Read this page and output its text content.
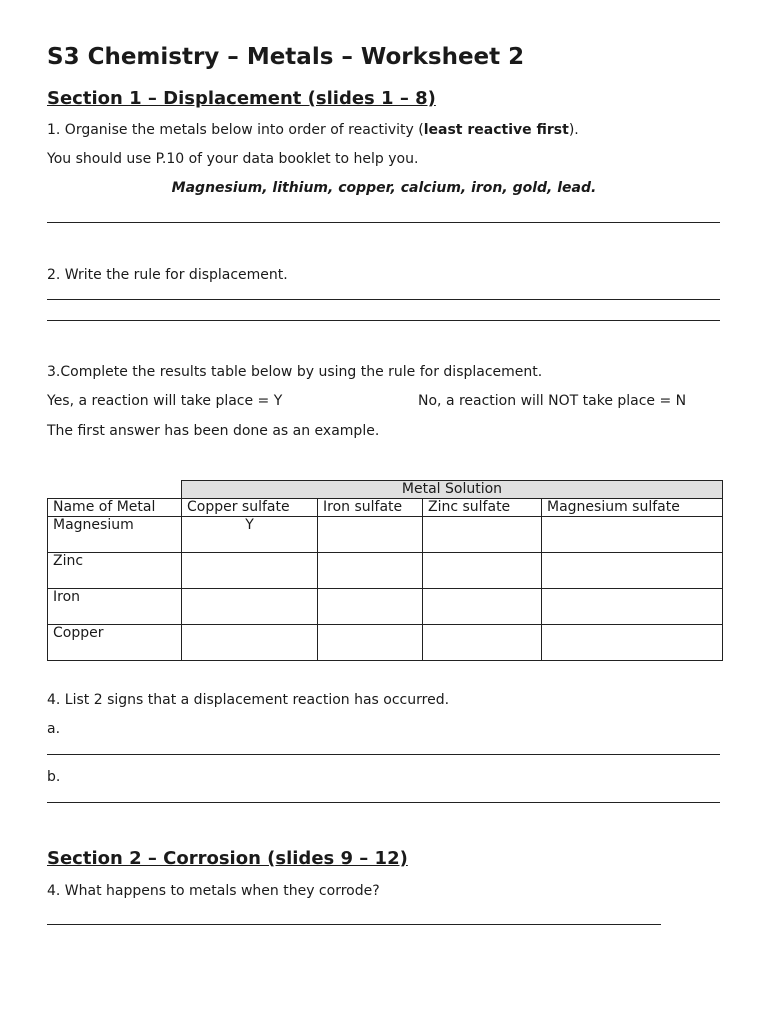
S3 Chemistry – Metals – Worksheet 2
Section 1 – Displacement (slides 1 – 8)
1. Organise the metals below into order of reactivity (least reactive first).
You should use P.10 of your data booklet to help you.
Magnesium, lithium, copper, calcium, iron, gold, lead.
2. Write the rule for displacement.
3.Complete the results table below by using the rule for displacement.
Yes, a reaction will take place = Y	No, a reaction will NOT take place = N
The first answer has been done as an example.
	Metal Solution			
Name of Metal	Copper sulfate	Iron sulfate	Zinc sulfate	Magnesium sulfate
Magnesium	Y			
Zinc				
Iron				
Copper				
4. List 2 signs that a displacement reaction has occurred.
a.
b.
Section 2 – Corrosion (slides 9 – 12)
4. What happens to metals when they corrode?
